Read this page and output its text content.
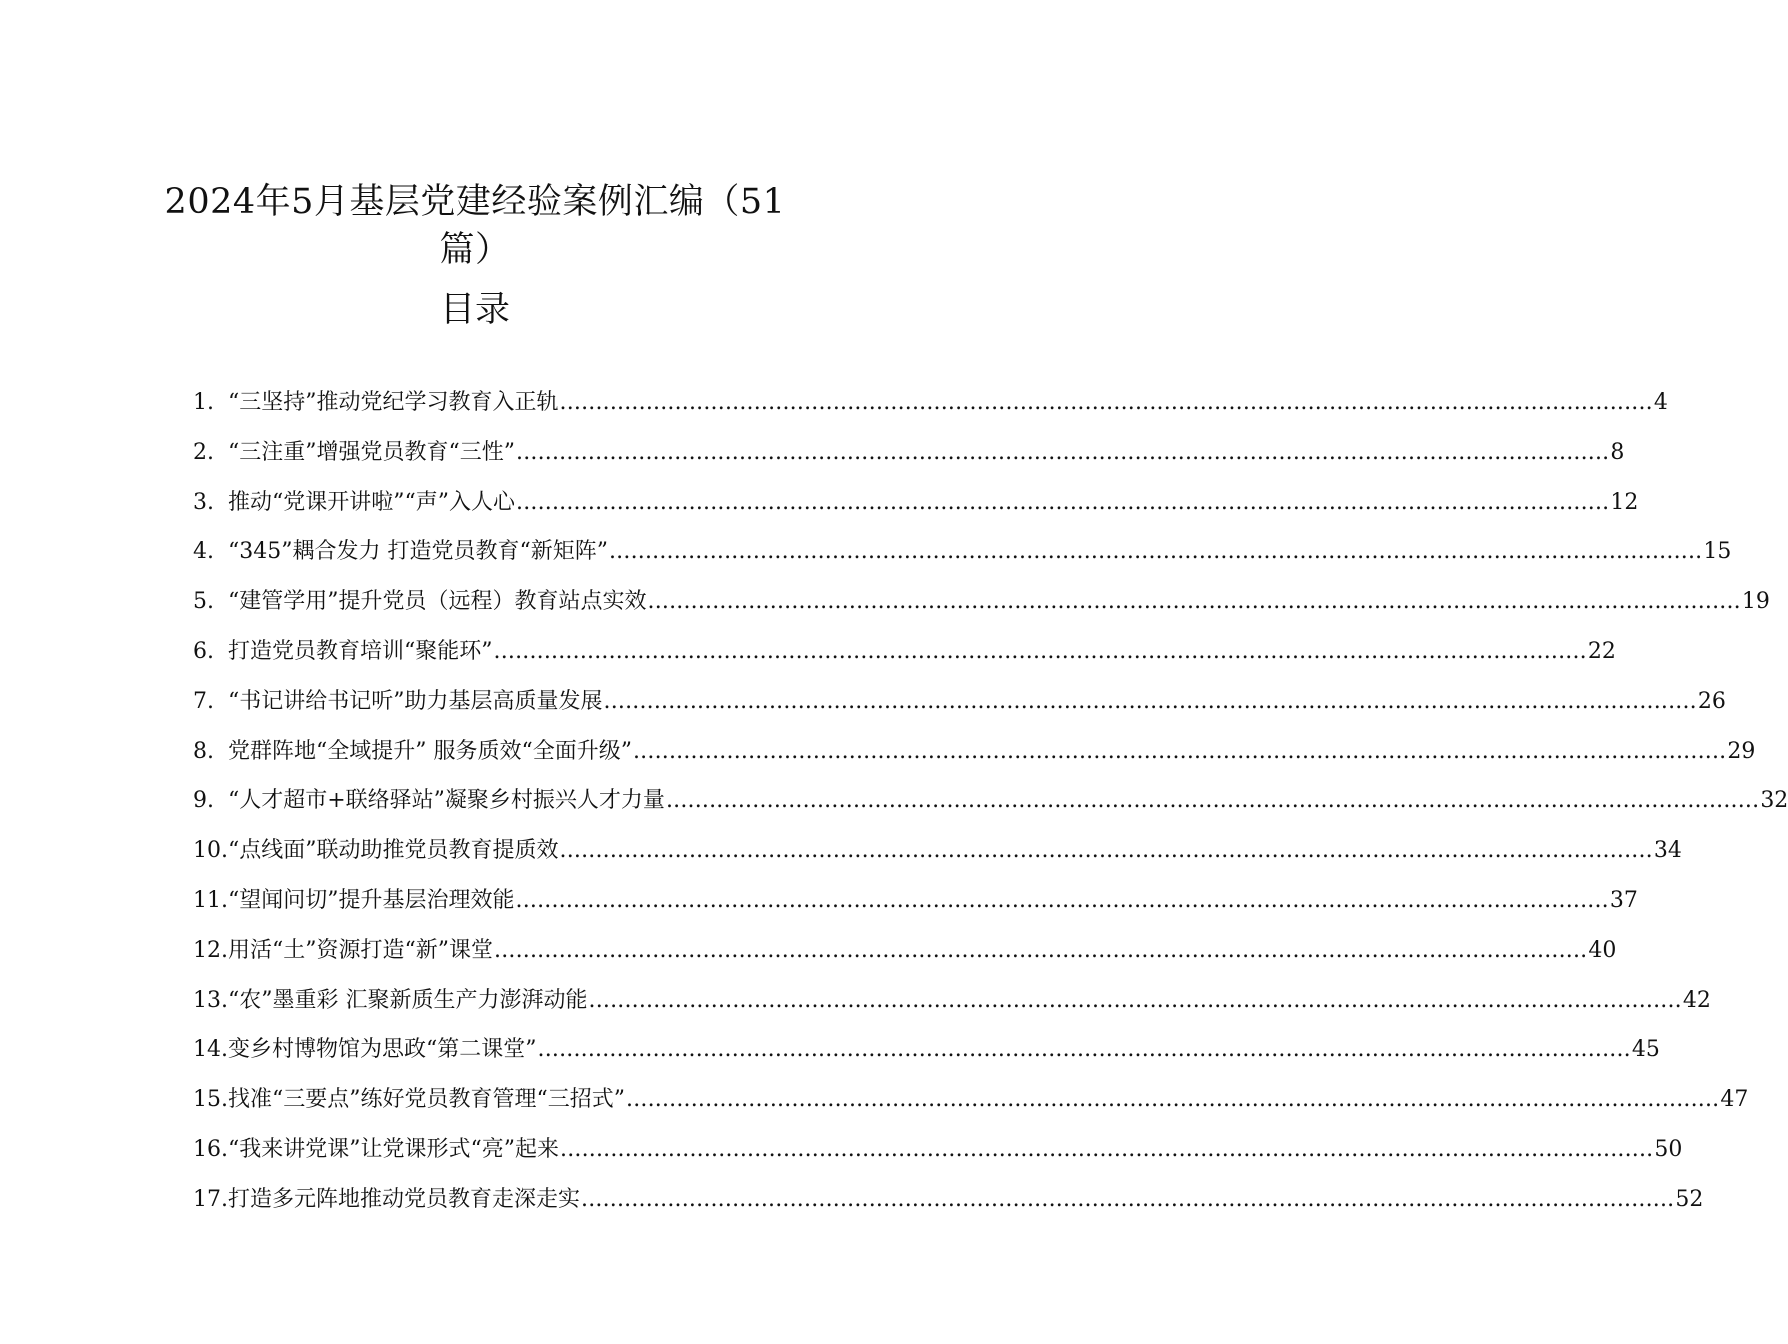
2024年5月基层党建经验案例汇编（51篇）
目录
1. “三坚持”推动党纪学习教育入正轨 .....	4
2. “三注重”增强党员教育“三性” .....	8
3. 推动“党课开讲啦”“声”入人心 .....	12
4. “345”耦合发力 打造党员教育“新矩阵” .....	15
5. “建管学用”提升党员（远程）教育站点实效 .....	19
6. 打造党员教育培训“聚能环” .....	22
7. “书记讲给书记听”助力基层高质量发展 .....	26
8. 党群阵地“全域提升” 服务质效“全面升级” .....	29
9. “人才超市+联络驿站”凝聚乡村振兴人才力量 .....	32
10. “点线面”联动助推党员教育提质效 .....	34
11. “望闻问切”提升基层治理效能 .....	37
12. 用活“土”资源打造“新”课堂 .....	40
13. “农”墨重彩 汇聚新质生产力澎湃动能 .....	42
14. 变乡村博物馆为思政“第二课堂” .....	45
15. 找准“三要点”练好党员教育管理“三招式” .....	47
16. “我来讲党课”让党课形式“亮”起来 .....	50
17. 打造多元阵地推动党员教育走深走实 .....	52
